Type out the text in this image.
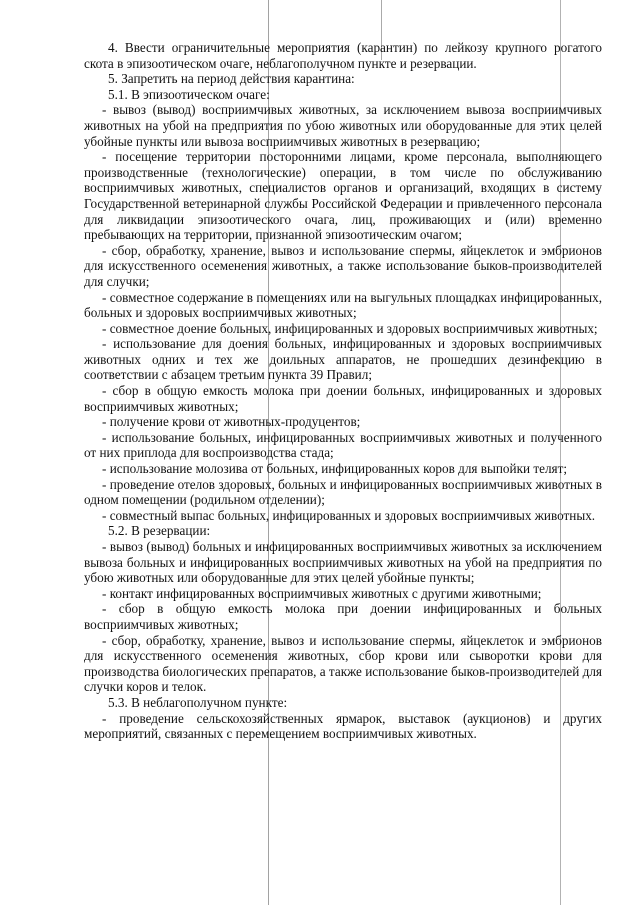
4. Ввести ограничительные мероприятия (карантин) по лейкозу крупного рогатого скота в эпизоотическом очаге, неблагополучном пункте и резервации.

5. Запретить на период действия карантина:

5.1. В эпизоотическом очаге:

- вывоз (вывод) восприимчивых животных, за исключением вывоза восприимчивых животных на убой на предприятия по убою животных или оборудованные для этих целей убойные пункты или вывоза восприимчивых животных в резервацию;

- посещение территории посторонними лицами, кроме персонала, выполняющего производственные (технологические) операции, в том числе по обслуживанию восприимчивых животных, специалистов органов и организаций, входящих в систему Государственной ветеринарной службы Российской Федерации и привлеченного персонала для ликвидации эпизоотического очага, лиц, проживающих и (или) временно пребывающих на территории, признанной эпизоотическим очагом;

- сбор, обработку, хранение, вывоз и использование спермы, яйцеклеток и эмбрионов для искусственного осеменения животных, а также использование быков-производителей для случки;

- совместное содержание в помещениях или на выгульных площадках инфицированных, больных и здоровых восприимчивых животных;

- совместное доение больных, инфицированных и здоровых восприимчивых животных;

- использование для доения больных, инфицированных и здоровых восприимчивых животных одних и тех же доильных аппаратов, не прошедших дезинфекцию в соответствии с абзацем третьим пункта 39 Правил;

- сбор в общую емкость молока при доении больных, инфицированных и здоровых восприимчивых животных;

- получение крови от животных-продуцентов;

- использование больных, инфицированных восприимчивых животных и полученного от них приплода для воспроизводства стада;

- использование молозива от больных, инфицированных коров для выпойки телят;

- проведение отелов здоровых, больных и инфицированных восприимчивых животных в одном помещении (родильном отделении);

- совместный выпас больных, инфицированных и здоровых восприимчивых животных.

5.2. В резервации:

- вывоз (вывод) больных и инфицированных восприимчивых животных за исключением вывоза больных и инфицированных восприимчивых животных на убой на предприятия по убою животных или оборудованные для этих целей убойные пункты;

- контакт инфицированных восприимчивых животных с другими животными;

- сбор в общую емкость молока при доении инфицированных и больных восприимчивых животных;

- сбор, обработку, хранение, вывоз и использование спермы, яйцеклеток и эмбрионов для искусственного осеменения животных, сбор крови или сыворотки крови для производства биологических препаратов, а также использование быков-производителей для случки коров и телок.

5.3. В неблагополучном пункте:

- проведение сельскохозяйственных ярмарок, выставок (аукционов) и других мероприятий, связанных с перемещением восприимчивых животных.
